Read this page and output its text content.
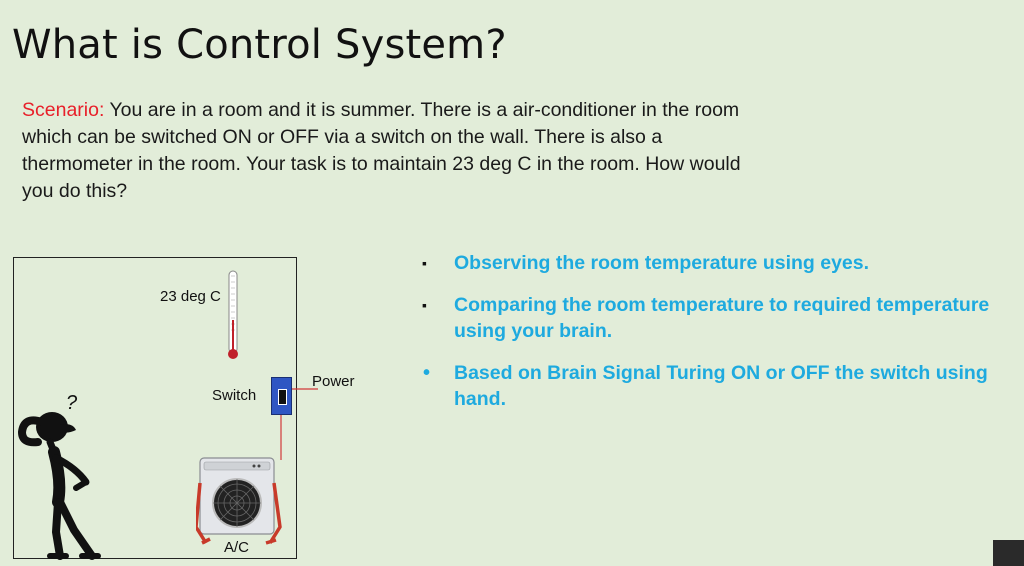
What is Control System?
Scenario: You are in a room and it is summer. There is a air-conditioner in the room which can be switched ON or OFF via a switch on the wall. There is also a thermometer in the room. Your task is to maintain 23 deg C in the room. How would you do this?
▪ Observing the room temperature using eyes.
▪ Comparing the room temperature to required temperature using your brain.
• Based on Brain Signal Turing ON or OFF the switch using hand.
23 deg C
Switch
Power
A/C
?
